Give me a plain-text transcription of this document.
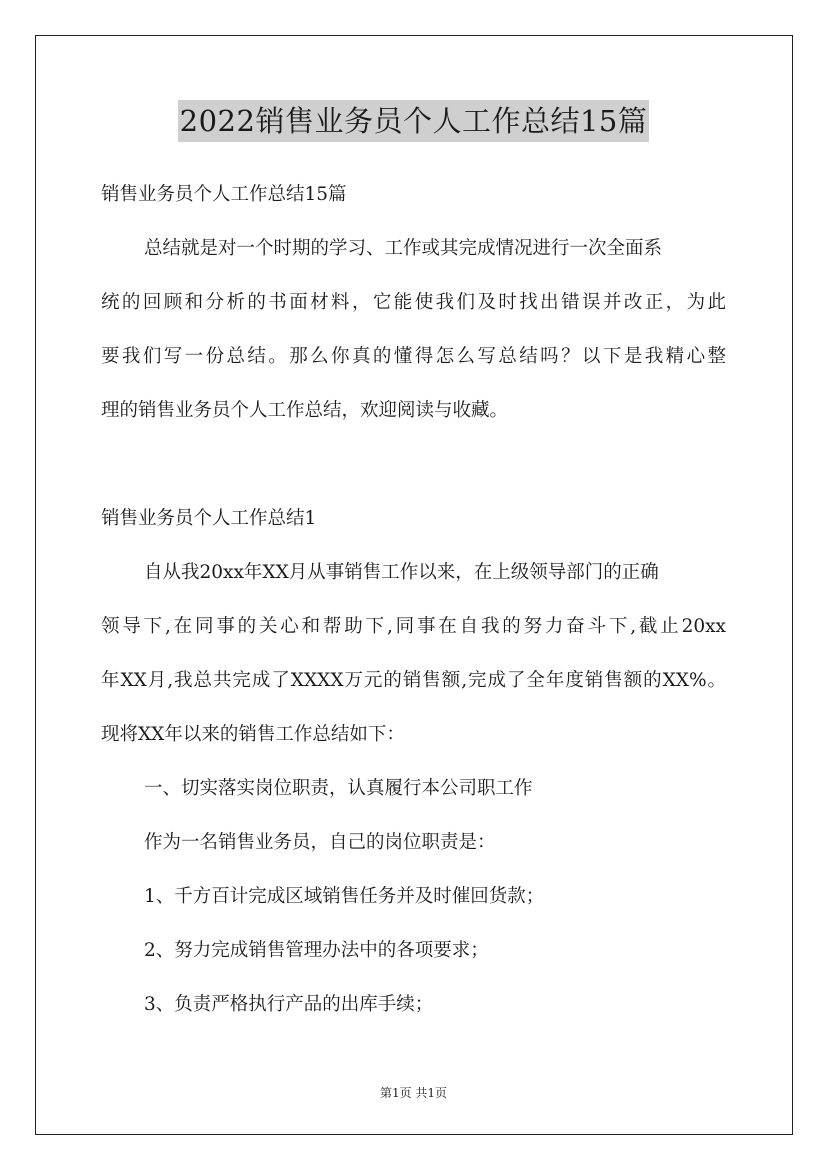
2022销售业务员个人工作总结15篇
销售业务员个人工作总结15篇
总结就是对一个时期的学习、工作或其完成情况进行一次全面系
统的回顾和分析的书面材料，它能使我们及时找出错误并改正，为此
要我们写一份总结。那么你真的懂得怎么写总结吗？以下是我精心整
理的销售业务员个人工作总结，欢迎阅读与收藏。
销售业务员个人工作总结1
自从我20xx年XX月从事销售工作以来，在上级领导部门的正确
领导下,在同事的关心和帮助下,同事在自我的努力奋斗下,截止20xx
年XX月,我总共完成了XXXX万元的销售额,完成了全年度销售额的XX%。
现将XX年以来的销售工作总结如下：
一、切实落实岗位职责，认真履行本公司职工作
作为一名销售业务员，自己的岗位职责是：
1、千方百计完成区域销售任务并及时催回货款；
2、努力完成销售管理办法中的各项要求；
3、负责严格执行产品的出库手续；
第1页 共1页
